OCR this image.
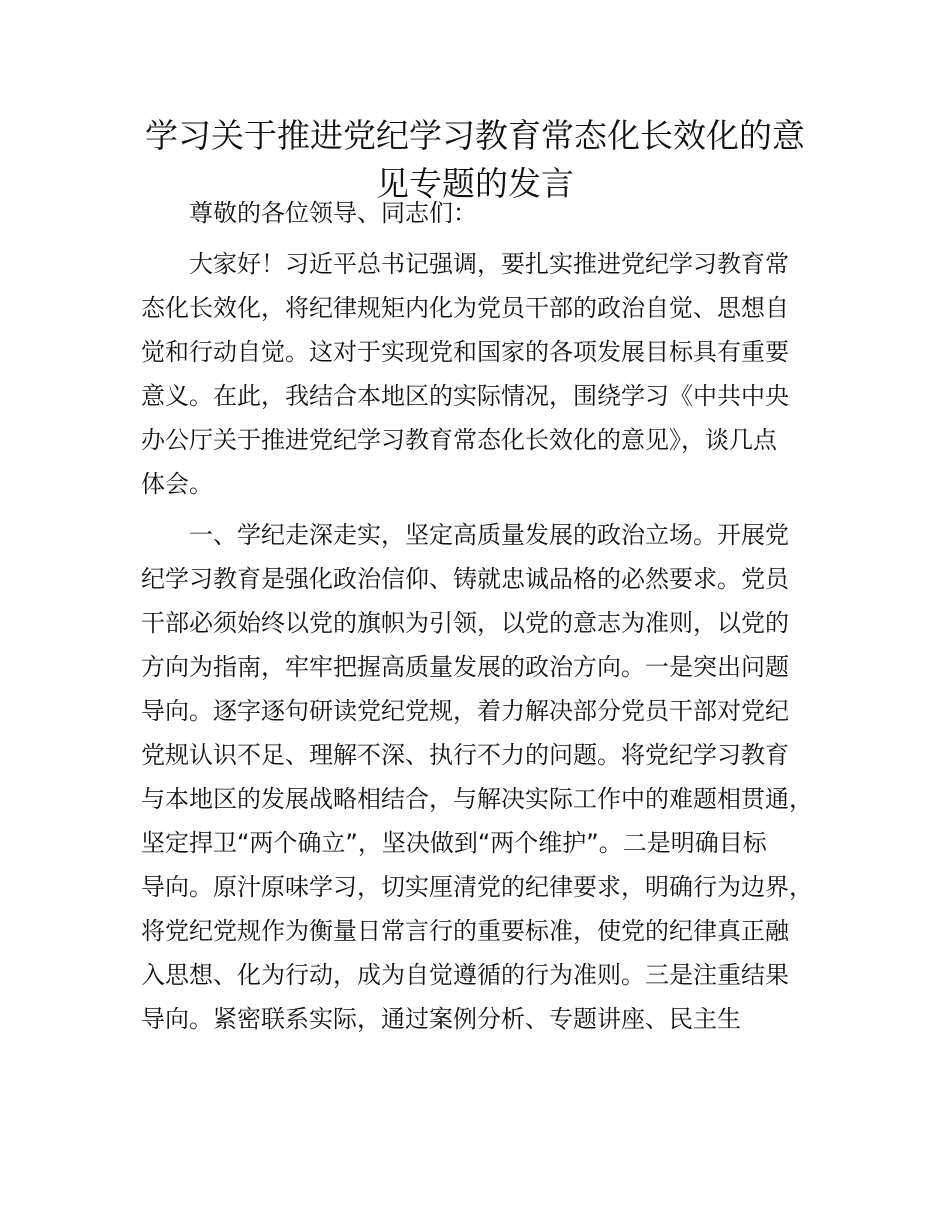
学习关于推进党纪学习教育常态化长效化的意
见专题的发言

尊敬的各位领导、同志们：

大家好！习近平总书记强调，要扎实推进党纪学习教育常
态化长效化，将纪律规矩内化为党员干部的政治自觉、思想自
觉和行动自觉。这对于实现党和国家的各项发展目标具有重要
意义。在此，我结合本地区的实际情况，围绕学习《中共中央
办公厅关于推进党纪学习教育常态化长效化的意见》，谈几点
体会。

一、学纪走深走实，坚定高质量发展的政治立场。开展党
纪学习教育是强化政治信仰、铸就忠诚品格的必然要求。党员
干部必须始终以党的旗帜为引领，以党的意志为准则，以党的
方向为指南，牢牢把握高质量发展的政治方向。一是突出问题
导向。逐字逐句研读党纪党规，着力解决部分党员干部对党纪
党规认识不足、理解不深、执行不力的问题。将党纪学习教育
与本地区的发展战略相结合，与解决实际工作中的难题相贯通，
坚定捍卫“两个确立”，坚决做到“两个维护”。二是明确目标
导向。原汁原味学习，切实厘清党的纪律要求，明确行为边界，
将党纪党规作为衡量日常言行的重要标准，使党的纪律真正融
入思想、化为行动，成为自觉遵循的行为准则。三是注重结果
导向。紧密联系实际，通过案例分析、专题讲座、民主生
